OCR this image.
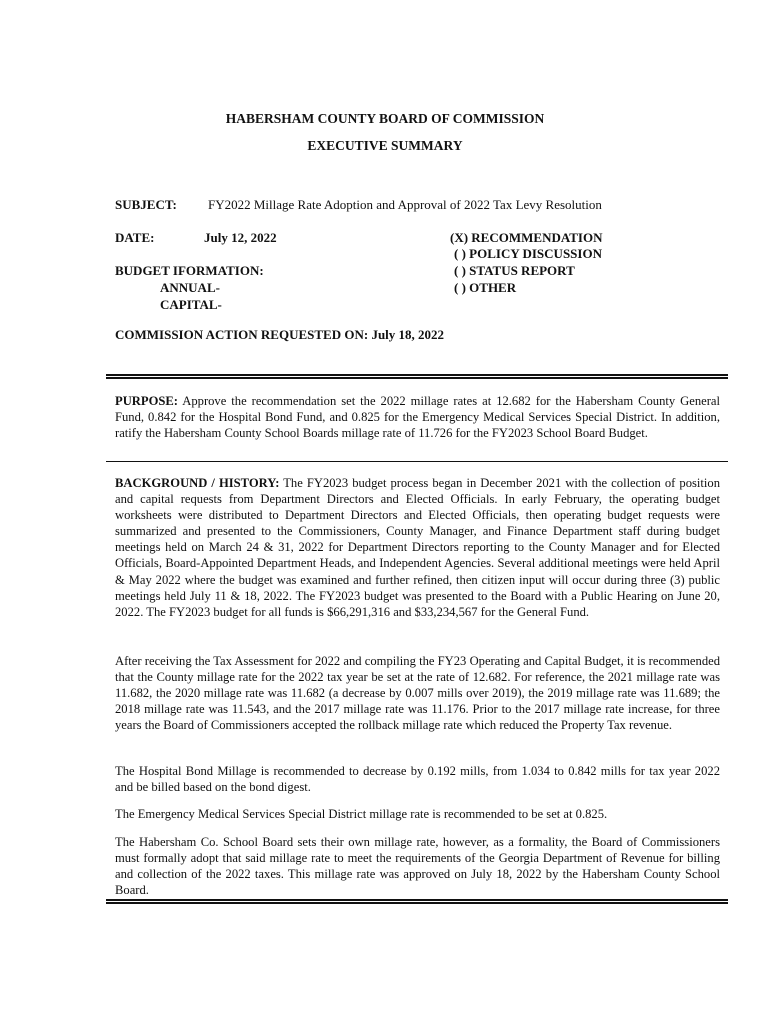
HABERSHAM COUNTY BOARD OF COMMISSION
EXECUTIVE SUMMARY
SUBJECT: FY2022 Millage Rate Adoption and Approval of 2022 Tax Levy Resolution
DATE:	July 12, 2022
BUDGET IFORMATION:
ANNUAL-
CAPITAL-
(X) RECOMMENDATION
( ) POLICY DISCUSSION
( ) STATUS REPORT
( ) OTHER
COMMISSION ACTION REQUESTED ON: July 18, 2022
PURPOSE: Approve the recommendation set the 2022 millage rates at 12.682 for the Habersham County General Fund, 0.842 for the Hospital Bond Fund, and 0.825 for the Emergency Medical Services Special District. In addition, ratify the Habersham County School Boards millage rate of 11.726 for the FY2023 School Board Budget.
BACKGROUND / HISTORY: The FY2023 budget process began in December 2021 with the collection of position and capital requests from Department Directors and Elected Officials. In early February, the operating budget worksheets were distributed to Department Directors and Elected Officials, then operating budget requests were summarized and presented to the Commissioners, County Manager, and Finance Department staff during budget meetings held on March 24 & 31, 2022 for Department Directors reporting to the County Manager and for Elected Officials, Board-Appointed Department Heads, and Independent Agencies. Several additional meetings were held April & May 2022 where the budget was examined and further refined, then citizen input will occur during three (3) public meetings held July 11 & 18, 2022. The FY2023 budget was presented to the Board with a Public Hearing on June 20, 2022. The FY2023 budget for all funds is $66,291,316 and $33,234,567 for the General Fund.
After receiving the Tax Assessment for 2022 and compiling the FY23 Operating and Capital Budget, it is recommended that the County millage rate for the 2022 tax year be set at the rate of 12.682. For reference, the 2021 millage rate was 11.682, the 2020 millage rate was 11.682 (a decrease by 0.007 mills over 2019), the 2019 millage rate was 11.689; the 2018 millage rate was 11.543, and the 2017 millage rate was 11.176. Prior to the 2017 millage rate increase, for three years the Board of Commissioners accepted the rollback millage rate which reduced the Property Tax revenue.
The Hospital Bond Millage is recommended to decrease by 0.192 mills, from 1.034 to 0.842 mills for tax year 2022 and be billed based on the bond digest.
The Emergency Medical Services Special District millage rate is recommended to be set at 0.825.
The Habersham Co. School Board sets their own millage rate, however, as a formality, the Board of Commissioners must formally adopt that said millage rate to meet the requirements of the Georgia Department of Revenue for billing and collection of the 2022 taxes. This millage rate was approved on July 18, 2022 by the Habersham County School Board.
